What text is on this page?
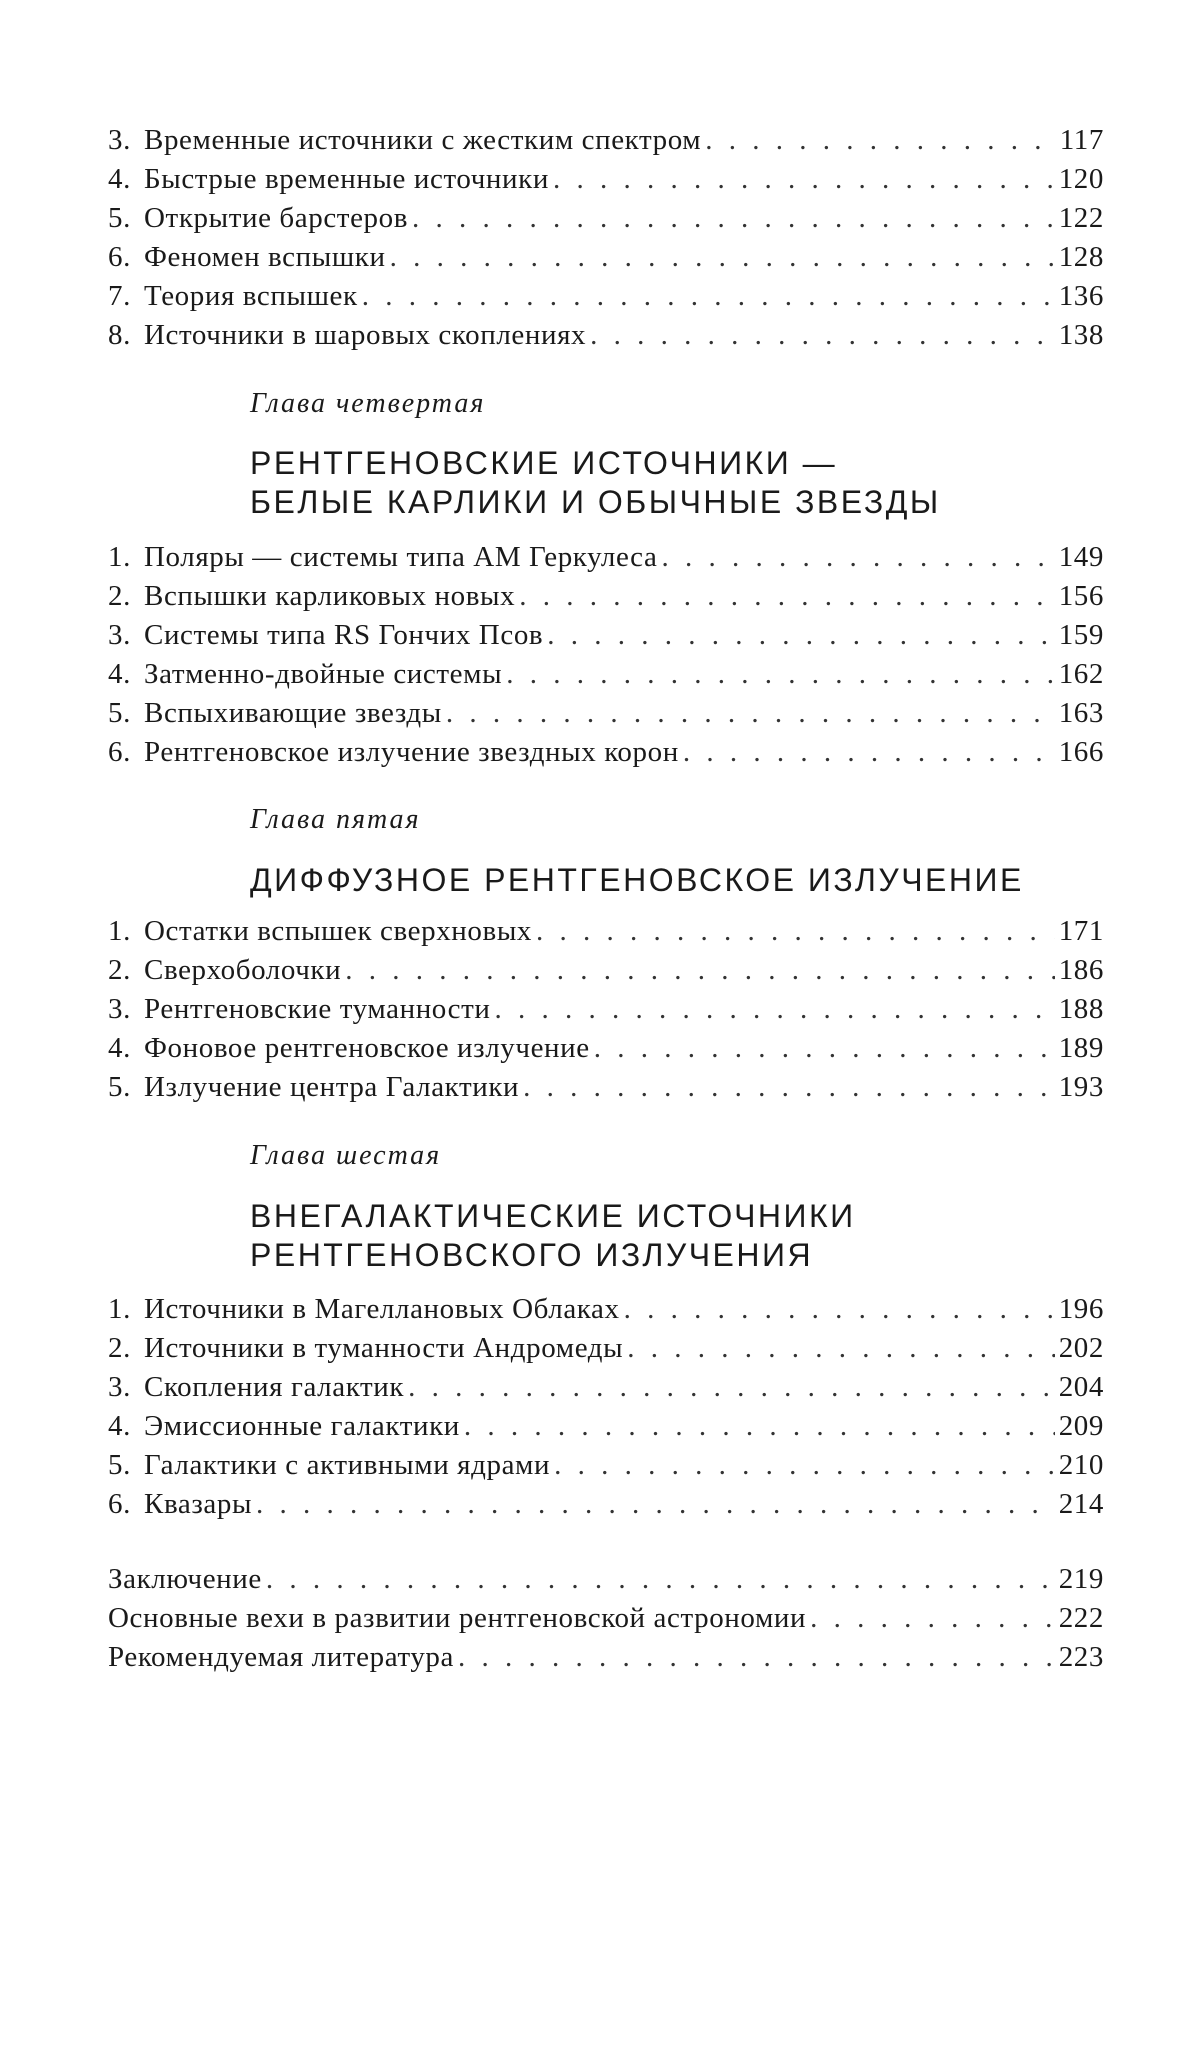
3. Временные источники с жестким спектром . . .	117
4. Быстрые временные источники . . .	120
5. Открытие барстеров . . .	122
6. Феномен вспышки . . .	128
7. Теория вспышек . . .	136
8. Источники в шаровых скоплениях . . .	138
Глава четвертая
РЕНТГЕНОВСКИЕ ИСТОЧНИКИ —
БЕЛЫЕ КАРЛИКИ И ОБЫЧНЫЕ ЗВЕЗДЫ
1. Поляры — системы типа АМ Геркулеса . . .	149
2. Вспышки карликовых новых . . .	156
3. Системы типа RS Гончих Псов . . .	159
4. Затменно-двойные системы . . .	162
5. Вспыхивающие звезды . . .	163
6. Рентгеновское излучение звездных корон . . .	166
Глава пятая
ДИФФУЗНОЕ РЕНТГЕНОВСКОЕ ИЗЛУЧЕНИЕ
1. Остатки вспышек сверхновых . . .	171
2. Сверхоболочки . . .	186
3. Рентгеновские туманности . . .	188
4. Фоновое рентгеновское излучение . . .	189
5. Излучение центра Галактики . . .	193
Глава шестая
ВНЕГАЛАКТИЧЕСКИЕ ИСТОЧНИКИ
РЕНТГЕНОВСКОГО ИЗЛУЧЕНИЯ
1. Источники в Магеллановых Облаках . . .	196
2. Источники в туманности Андромеды . . .	202
3. Скопления галактик . . .	204
4. Эмиссионные галактики . . .	209
5. Галактики с активными ядрами . . .	210
6. Квазары . . .	214
Заключение . . .	219
Основные вехи в развитии рентгеновской астрономии . . .	222
Рекомендуемая литература . . .	223
